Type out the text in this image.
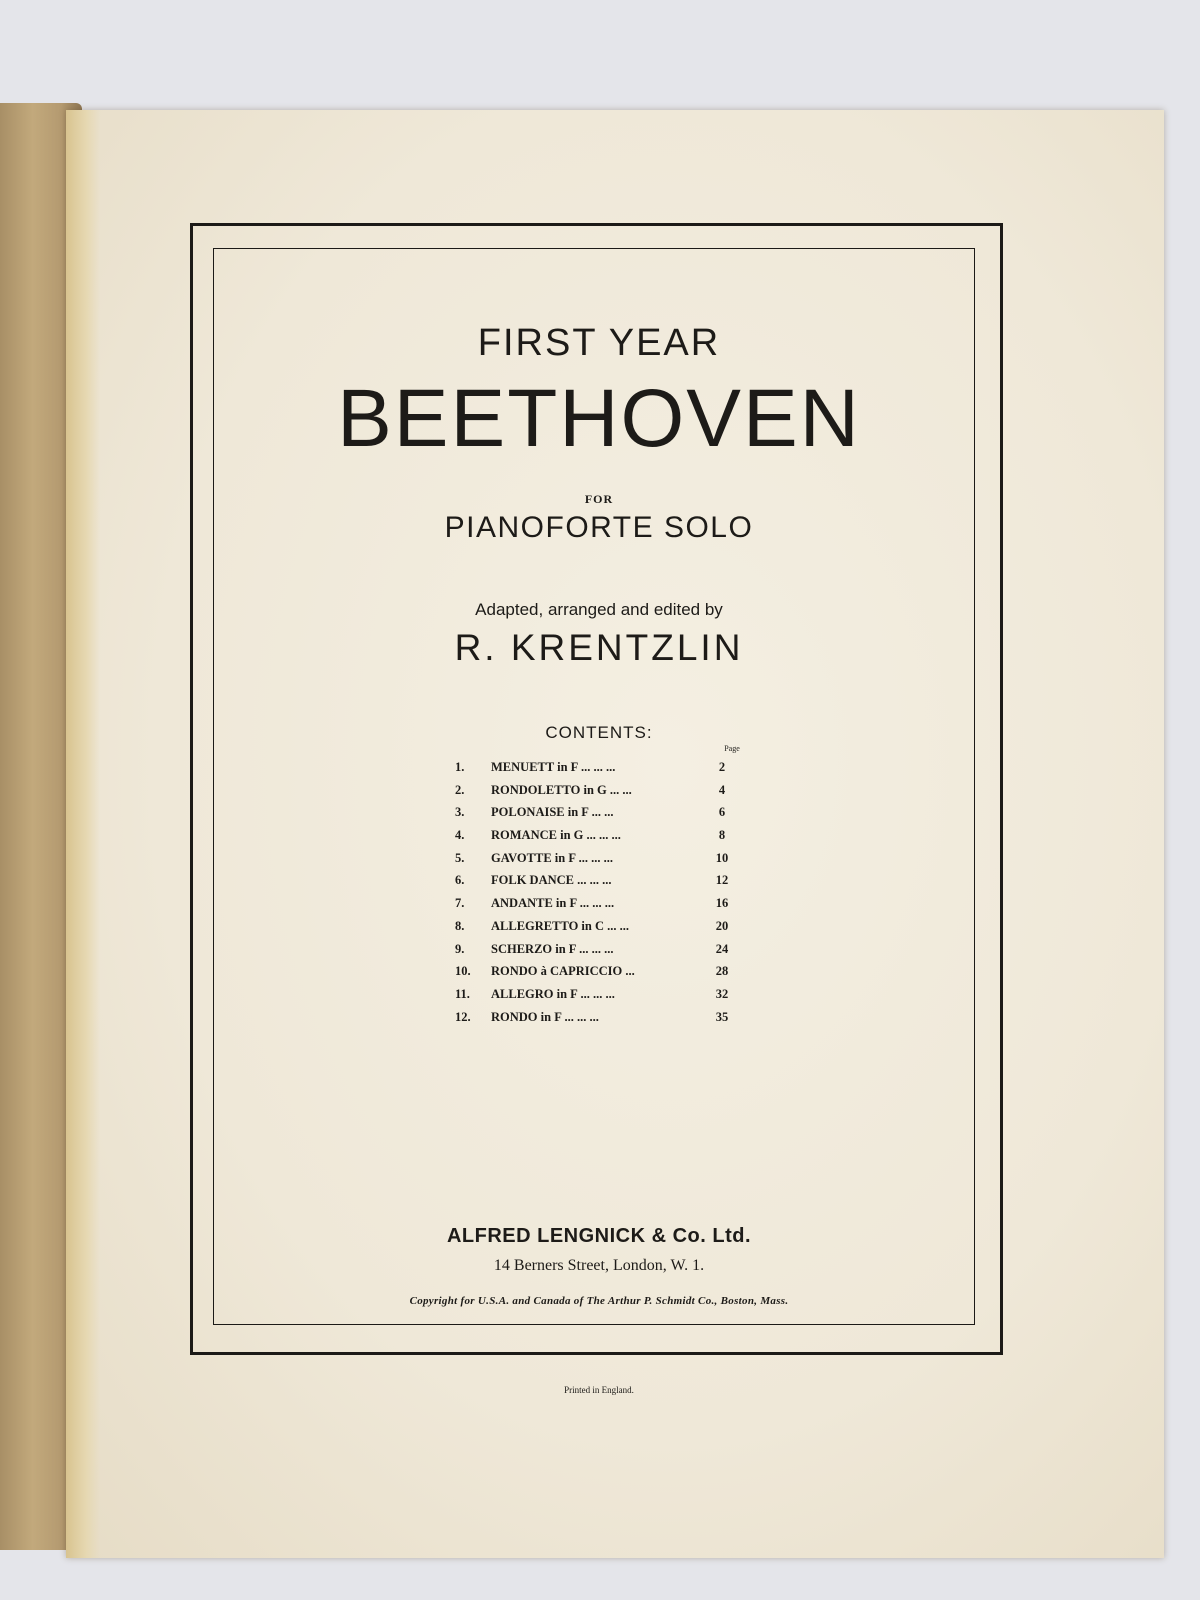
FIRST YEAR
BEETHOVEN
FOR
PIANOFORTE SOLO
Adapted, arranged and edited by
R. KRENTZLIN
CONTENTS:
Page
1.	MENUETT in F ... ... ...	2
2.	RONDOLETTO in G ... ...	4
3.	POLONAISE in F ... ...	6
4.	ROMANCE in G ... ... ...	8
5.	GAVOTTE in F ... ... ...	10
6.	FOLK DANCE ... ... ...	12
7.	ANDANTE in F ... ... ...	16
8.	ALLEGRETTO in C ... ...	20
9.	SCHERZO in F ... ... ...	24
10.	RONDO à CAPRICCIO ...	28
11.	ALLEGRO in F ... ... ...	32
12.	RONDO in F ... ... ...	35
ALFRED LENGNICK & Co. Ltd.
14 Berners Street, London, W. 1.
Copyright for U.S.A. and Canada of The Arthur P. Schmidt Co., Boston, Mass.
Printed in England.
